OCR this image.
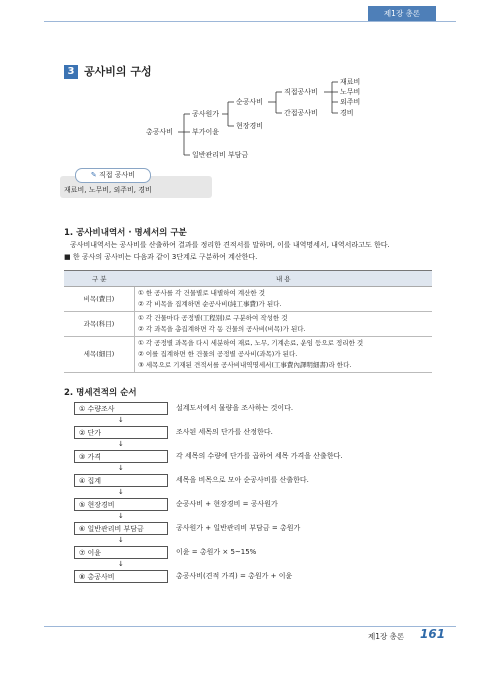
제1장 총론
3 공사비의 구성
총공사비
공사원가
부가이윤
일반관리비 부담금
순공사비
현장경비
직접공사비
간접공사비
재료비
노무비
외주비
경비
✎ 직접 공사비
재료비, 노무비, 외주비, 경비
1. 공사비내역서 · 명세서의 구분
공사비내역서는 공사비를 산출하여 결과를 정리한 견적서를 말하며, 이를 내역명세서, 내역서라고도 한다.
■ 한 공사의 공사비는 다음과 같이 3단계로 구분하여 계산한다.
구 분	내 용
비목(費目)	① 한 공사를 각 건물별로 내별하여 계산한 것
② 각 비목을 집계하면 순공사비(純工事費)가 된다.

과목(科目)	① 각 건물마다 공정별(工程別)로 구분하여 작성한 것
② 각 과목을 총집계하면 각 동 건물의 공사비(비목)가 된다.

세목(細目)	① 각 공정별 과목을 다시 세분하여 재료, 노무, 기계손료, 운임 등으로 정리한 것
② 이를 집계하면 한 건물의 공정별 공사비(과목)가 된다.
③ 세목으로 기재된 견적서를 공사비내역명세서(工事費內譯明細書)라 한다.
2. 명세견적의 순서
① 수량조사	설계도서에서 물량을 조사하는 것이다.
↓
② 단가	조사된 세목의 단가를 산정한다.
↓
③ 가격	각 세목의 수량에 단가를 곱하여 세목 가격을 산출한다.
↓
④ 집계	세목을 비목으로 모아 순공사비를 산출한다.
↓
⑤ 현장경비	순공사비 + 현장경비 = 공사원가
↓
⑥ 일반관리비 부담금	공사원가 + 일반관리비 부담금 = 총원가
↓
⑦ 이윤	이윤 = 총원가 × 5~15%
↓
⑧ 총공사비	총공사비(견적 가격) = 총원가 + 이윤
제1장 총론 161
